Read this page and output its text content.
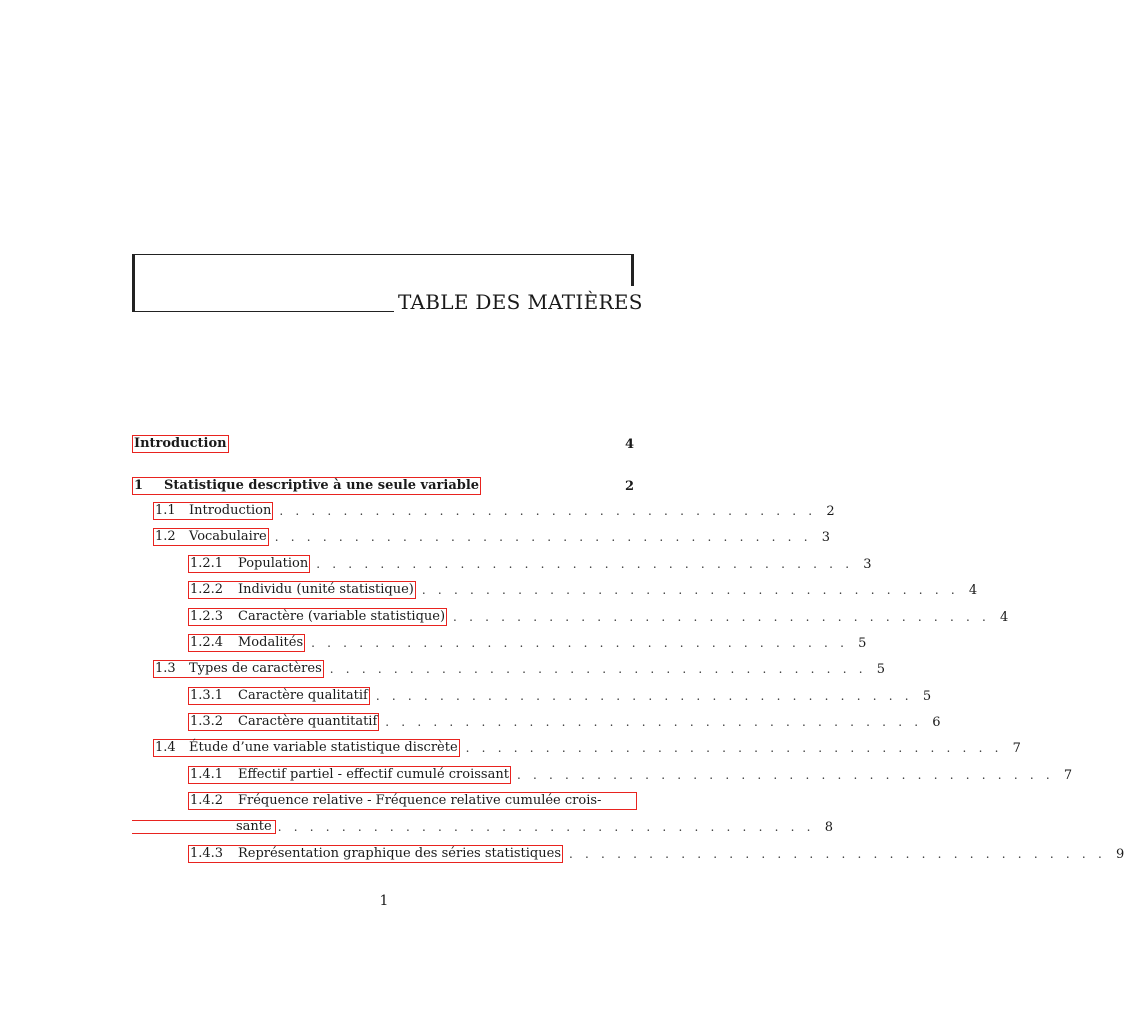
TABLE DES MATIÈRES
Introduction	4
1	Statistique descriptive à une seule variable	2
1.1	Introduction . . . . . . . . . . . . . . . . . . . . . . . . . . . . . . . . . . 2
1.2	Vocabulaire . . . . . . . . . . . . . . . . . . . . . . . . . . . . . . . . . . 3
1.2.1	Population . . . . . . . . . . . . . . . . . . . . . . . . . . . . . . . . . . 3
1.2.2	Individu (unité statistique) . . . . . . . . . . . . . . . . . . . . . . . . . . . . . . . . . . 4
1.2.3	Caractère (variable statistique) . . . . . . . . . . . . . . . . . . . . . . . . . . . . . . . . . . 4
1.2.4	Modalités . . . . . . . . . . . . . . . . . . . . . . . . . . . . . . . . . . 5
1.3	Types de caractères . . . . . . . . . . . . . . . . . . . . . . . . . . . . . . . . . . 5
1.3.1	Caractère qualitatif . . . . . . . . . . . . . . . . . . . . . . . . . . . . . . . . . . 5
1.3.2	Caractère quantitatif . . . . . . . . . . . . . . . . . . . . . . . . . . . . . . . . . . 6
1.4	Étude d’une variable statistique discrète . . . . . . . . . . . . . . . . . . . . . . . . . . . . . . . . . . 7
1.4.1	Effectif partiel - effectif cumulé croissant . . . . . . . . . . . . . . . . . . . . . . . . . . . . . . . . . . 7
1.4.2	Fréquence relative - Fréquence relative cumulée crois-
sante . . . . . . . . . . . . . . . . . . . . . . . . . . . . . . . . . . 8
1.4.3	Représentation graphique des séries statistiques . . . . . . . . . . . . . . . . . . . . . . . . . . . . . . . . . . 9
1
